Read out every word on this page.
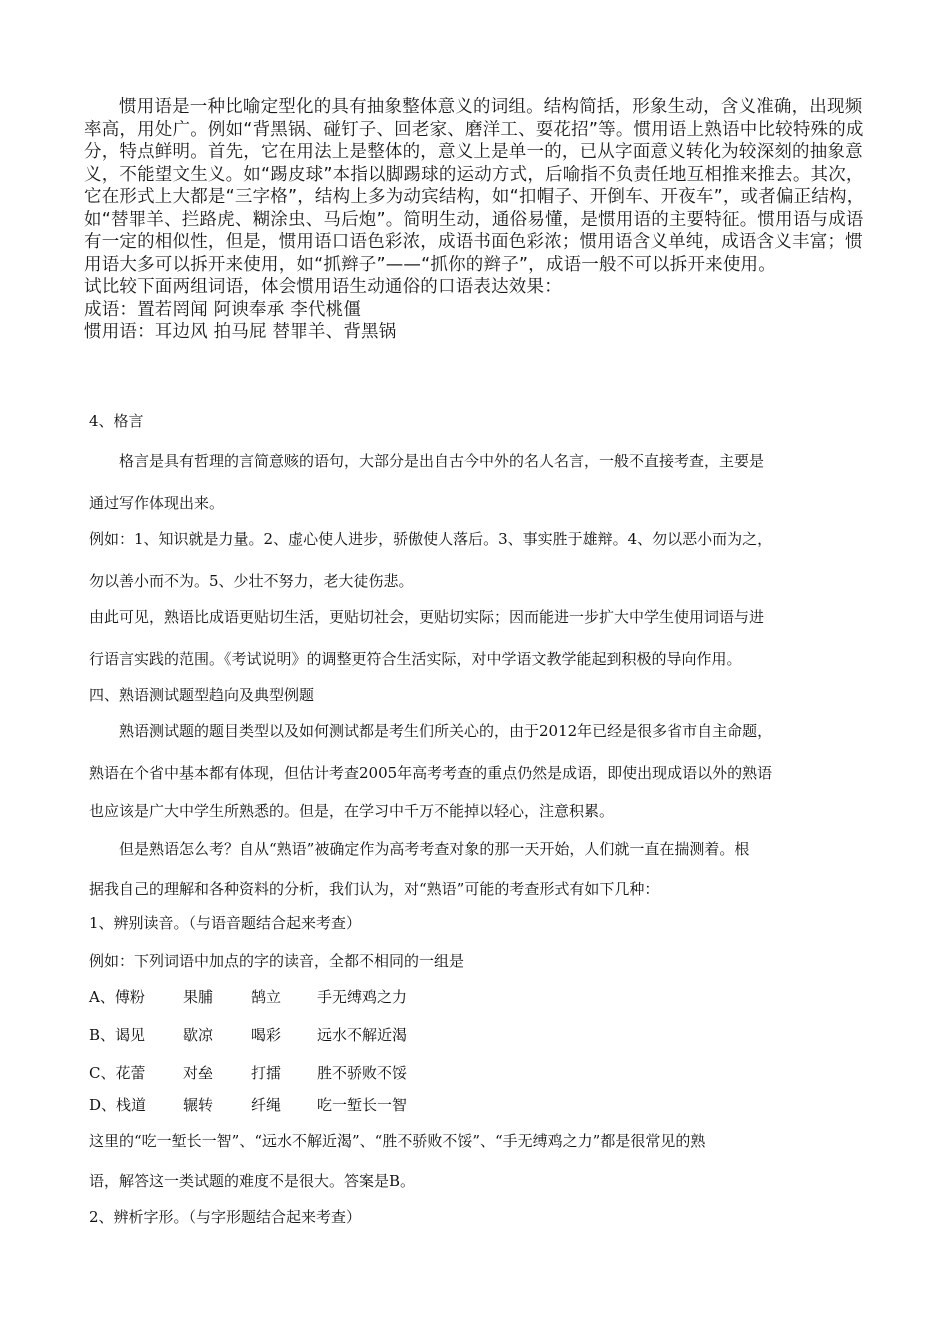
惯用语是一种比喻定型化的具有抽象整体意义的词组。结构简括，形象生动，含义准确，出现频率高，用处广。例如“背黑锅、碰钉子、回老家、磨洋工、耍花招”等。惯用语上熟语中比较特殊的成分，特点鲜明。首先，它在用法上是整体的，意义上是单一的，已从字面意义转化为较深刻的抽象意义，不能望文生义。如“踢皮球”本指以脚踢球的运动方式，后喻指不负责任地互相推来推去。其次，它在形式上大都是“三字格”，结构上多为动宾结构，如“扣帽子、开倒车、开夜车”，或者偏正结构，如“替罪羊、拦路虎、糊涂虫、马后炮”。简明生动，通俗易懂，是惯用语的主要特征。惯用语与成语有一定的相似性，但是，惯用语口语色彩浓，成语书面色彩浓；惯用语含义单纯，成语含义丰富；惯用语大多可以拆开来使用，如“抓辫子”——“抓你的辫子”，成语一般不可以拆开来使用。

试比较下面两组词语，体会惯用语生动通俗的口语表达效果：

成语：置若罔闻 阿谀奉承 李代桃僵

惯用语：耳边风 拍马屁 替罪羊、背黑锅

4、格言
格言是具有哲理的言简意赅的语句，大部分是出自古今中外的名人名言，一般不直接考查，主要是
通过写作体现出来。
例如：1、知识就是力量。2、虚心使人进步，骄傲使人落后。3、事实胜于雄辩。4、勿以恶小而为之，
勿以善小而不为。5、少壮不努力，老大徒伤悲。
由此可见，熟语比成语更贴切生活，更贴切社会，更贴切实际；因而能进一步扩大中学生使用词语与进
行语言实践的范围。《考试说明》的调整更符合生活实际，对中学语文教学能起到积极的导向作用。
四、熟语测试题型趋向及典型例题
熟语测试题的题目类型以及如何测试都是考生们所关心的，由于2012年已经是很多省市自主命题，
熟语在个省中基本都有体现，但估计考查2005年高考考查的重点仍然是成语，即使出现成语以外的熟语
也应该是广大中学生所熟悉的。但是，在学习中千万不能掉以轻心，注意积累。
但是熟语怎么考？自从“熟语”被确定作为高考考查对象的那一天开始，人们就一直在揣测着。根
据我自己的理解和各种资料的分析，我们认为，对“熟语”可能的考查形式有如下几种：
1、辨别读音。（与语音题结合起来考查）
例如：下列词语中加点的字的读音，全都不相同的一组是
A、傅粉	果脯	鹄立 手无缚鸡之力
B、谒见	歇凉	喝彩 远水不解近渴
C、花蕾	对垒	打擂 胜不骄败不馁
D、栈道 辗转	纤绳 吃一堑长一智
这里的“吃一堑长一智”、“远水不解近渴”、“胜不骄败不馁”、“手无缚鸡之力”都是很常见的熟
语，解答这一类试题的难度不是很大。答案是B。
2、辨析字形。（与字形题结合起来考查）
